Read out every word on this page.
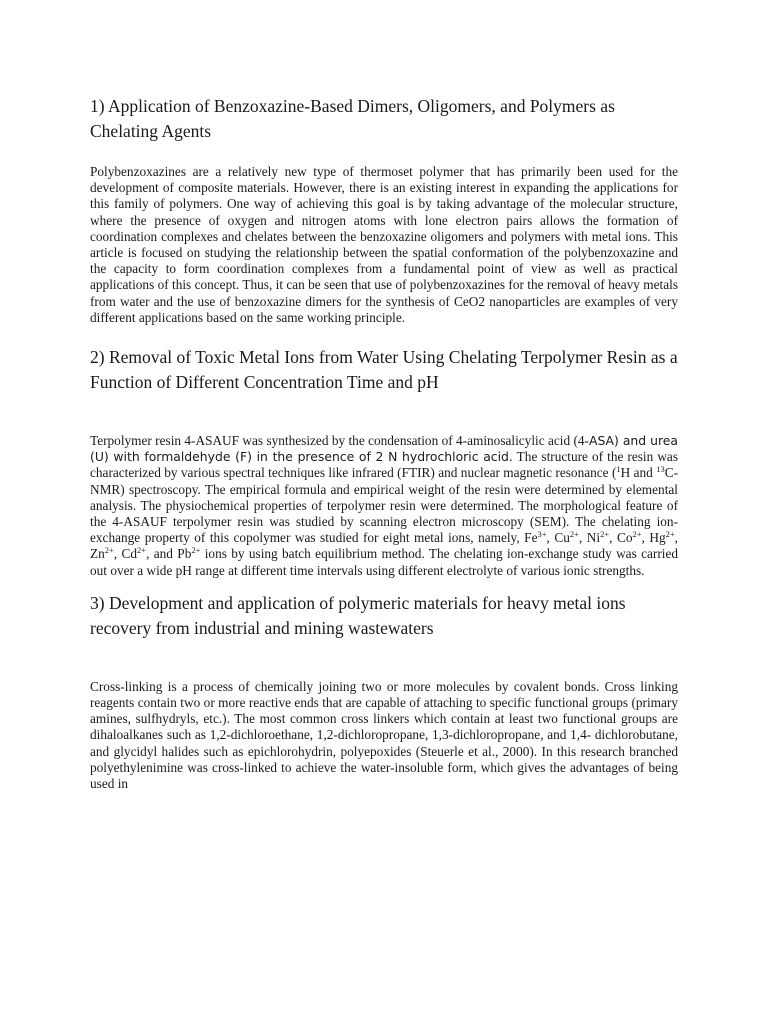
1) Application of Benzoxazine-Based Dimers, Oligomers, and Polymers as Chelating Agents

Polybenzoxazines are a relatively new type of thermoset polymer that has primarily been used for the development of composite materials. However, there is an existing interest in expanding the applications for this family of polymers. One way of achieving this goal is by taking advantage of the molecular structure, where the presence of oxygen and nitrogen atoms with lone electron pairs allows the formation of coordination complexes and chelates between the benzoxazine oligomers and polymers with metal ions. This article is focused on studying the relationship between the spatial conformation of the polybenzoxazine and the capacity to form coordination complexes from a fundamental point of view as well as practical applications of this concept. Thus, it can be seen that use of polybenzoxazines for the removal of heavy metals from water and the use of benzoxazine dimers for the synthesis of CeO2 nanoparticles are examples of very different applications based on the same working principle.

2) Removal of Toxic Metal Ions from Water Using Chelating Terpolymer Resin as a Function of Different Concentration Time and pH

Terpolymer resin 4-ASAUF was synthesized by the condensation of 4-aminosalicylic acid (4-ASA) and urea (U) with formaldehyde (F) in the presence of 2 N hydrochloric acid. The structure of the resin was characterized by various spectral techniques like infrared (FTIR) and nuclear magnetic resonance ($^1$H and $^{13}$C-NMR) spectroscopy. The empirical formula and empirical weight of the resin were determined by elemental analysis. The physiochemical properties of terpolymer resin were determined. The morphological feature of the 4-ASAUF terpolymer resin was studied by scanning electron microscopy (SEM). The chelating ion-exchange property of this copolymer was studied for eight metal ions, namely, $Fe^{3+}$, $Cu^{2+}$, $Ni^{2+}$, $Co^{2+}$, $Hg^{2+}$, $Zn^{2+}$, $Cd^{2+}$, and $Pb^{2+}$ ions by using batch equilibrium method. The chelating ion-exchange study was carried out over a wide pH range at different time intervals using different electrolyte of various ionic strengths.

3) Development and application of polymeric materials for heavy metal ions recovery from industrial and mining wastewaters

Cross-linking is a process of chemically joining two or more molecules by covalent bonds. Cross linking reagents contain two or more reactive ends that are capable of attaching to specific functional groups (primary amines, sulfhydryls, etc.). The most common cross linkers which contain at least two functional groups are dihaloalkanes such as 1,2-dichloroethane, 1,2-dichloropropane, 1,3-dichloropropane, and 1,4- dichlorobutane, and glycidyl halides such as epichlorohydrin, polyepoxides (Steuerle et al., 2000). In this research branched polyethylenimine was cross-linked to achieve the water-insoluble form, which gives the advantages of being used in
